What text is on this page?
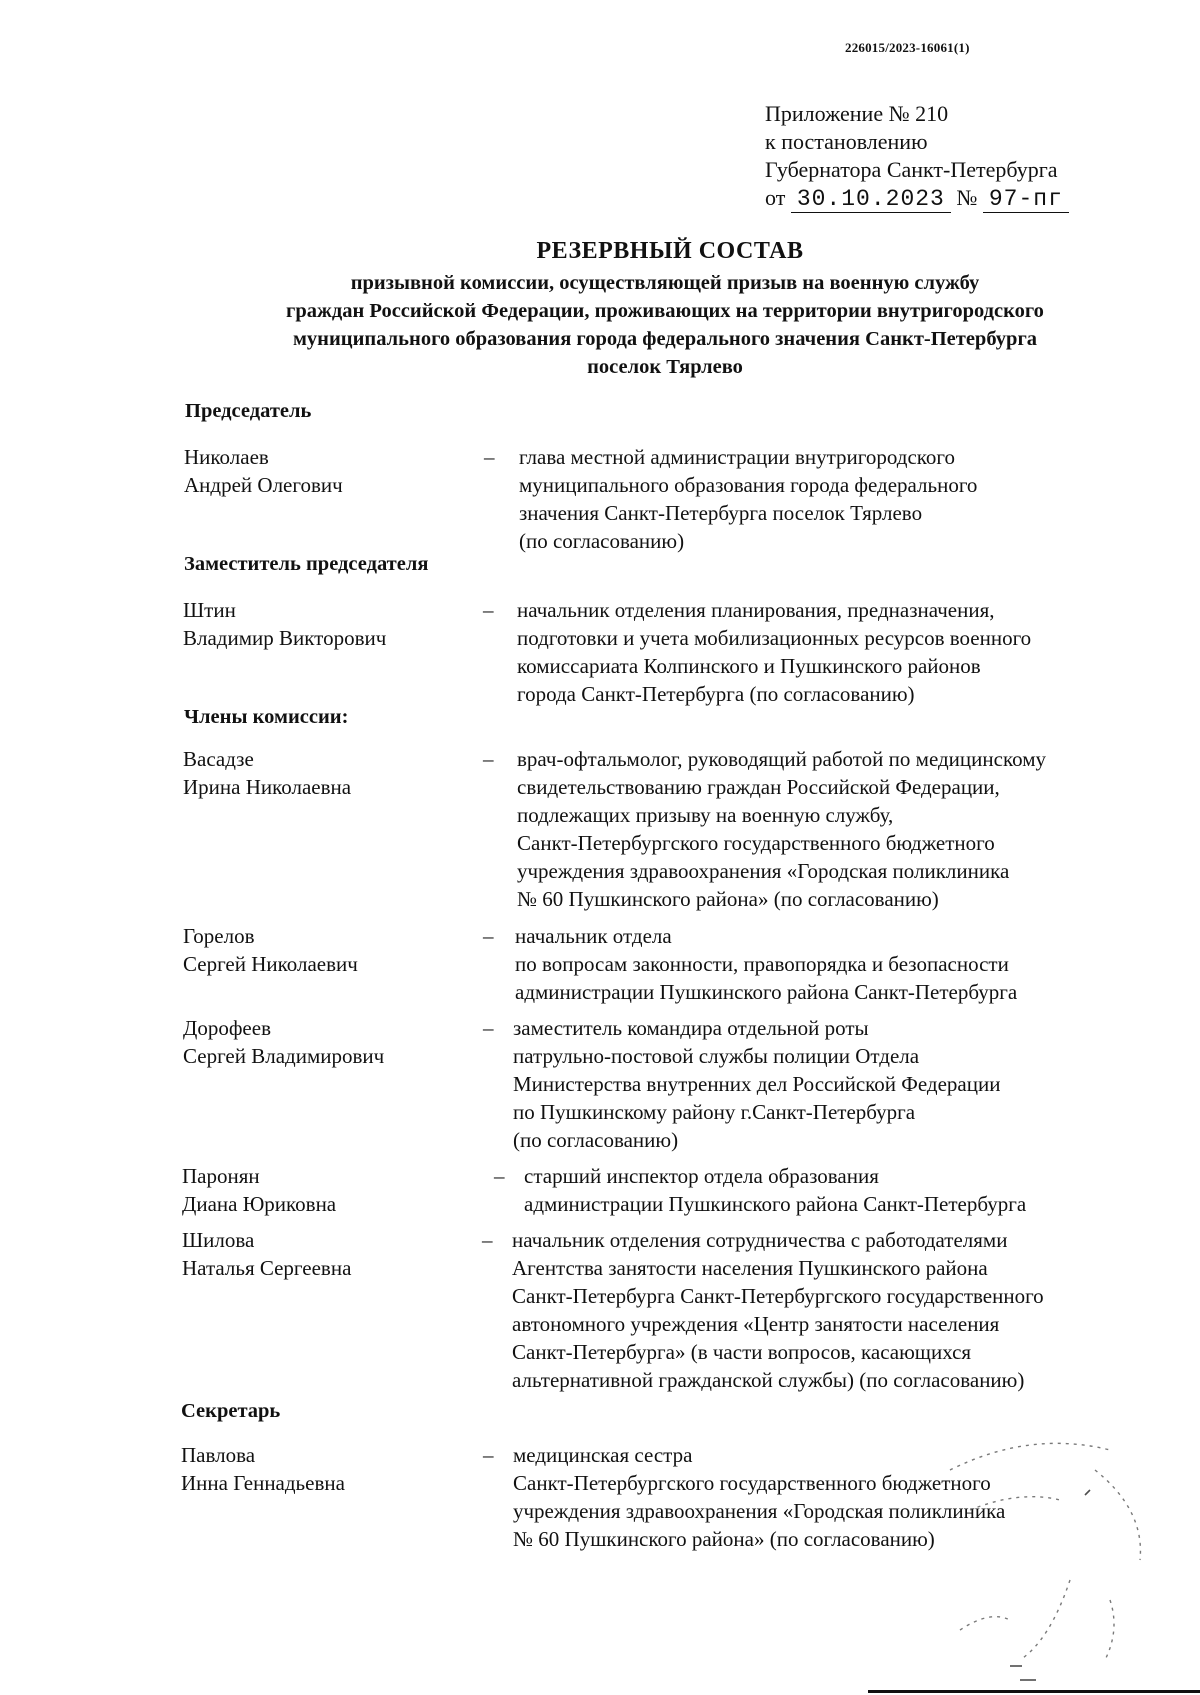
226015/2023-16061(1)
Приложение № 210
к постановлению
Губернатора Санкт-Петербурга
от 30.10.2023 № 97-пг
РЕЗЕРВНЫЙ СОСТАВ
призывной комиссии, осуществляющей призыв на военную службу
граждан Российской Федерации, проживающих на территории внутригородского
муниципального образования города федерального значения Санкт-Петербурга
поселок Тярлево
Председатель
Заместитель председателя
Члены комиссии:
Секретарь
Николаев
Андрей Олегович
– глава местной администрации внутригородского
муниципального образования города федерального
значения Санкт-Петербурга поселок Тярлево
(по согласованию)
Штин
Владимир Викторович
– начальник отделения планирования, предназначения,
подготовки и учета мобилизационных ресурсов военного
комиссариата Колпинского и Пушкинского районов
города Санкт-Петербурга (по согласованию)
Васадзе
Ирина Николаевна
– врач-офтальмолог, руководящий работой по медицинскому
свидетельствованию граждан Российской Федерации,
подлежащих призыву на военную службу,
Санкт-Петербургского государственного бюджетного
учреждения здравоохранения «Городская поликлиника
№ 60 Пушкинского района» (по согласованию)
Горелов
Сергей Николаевич
– начальник отдела
по вопросам законности, правопорядка и безопасности
администрации Пушкинского района Санкт-Петербурга
Дорофеев
Сергей Владимирович
– заместитель командира отдельной роты
патрульно-постовой службы полиции Отдела
Министерства внутренних дел Российской Федерации
по Пушкинскому району г.Санкт-Петербурга
(по согласованию)
Паронян
Диана Юриковна
– старший инспектор отдела образования
администрации Пушкинского района Санкт-Петербурга
Шилова
Наталья Сергеевна
– начальник отделения сотрудничества с работодателями
Агентства занятости населения Пушкинского района
Санкт-Петербурга Санкт-Петербургского государственного
автономного учреждения «Центр занятости населения
Санкт-Петербурга» (в части вопросов, касающихся
альтернативной гражданской службы) (по согласованию)
Павлова
Инна Геннадьевна
– медицинская сестра
Санкт-Петербургского государственного бюджетного
учреждения здравоохранения «Городская поликлиника
№ 60 Пушкинского района» (по согласованию)
